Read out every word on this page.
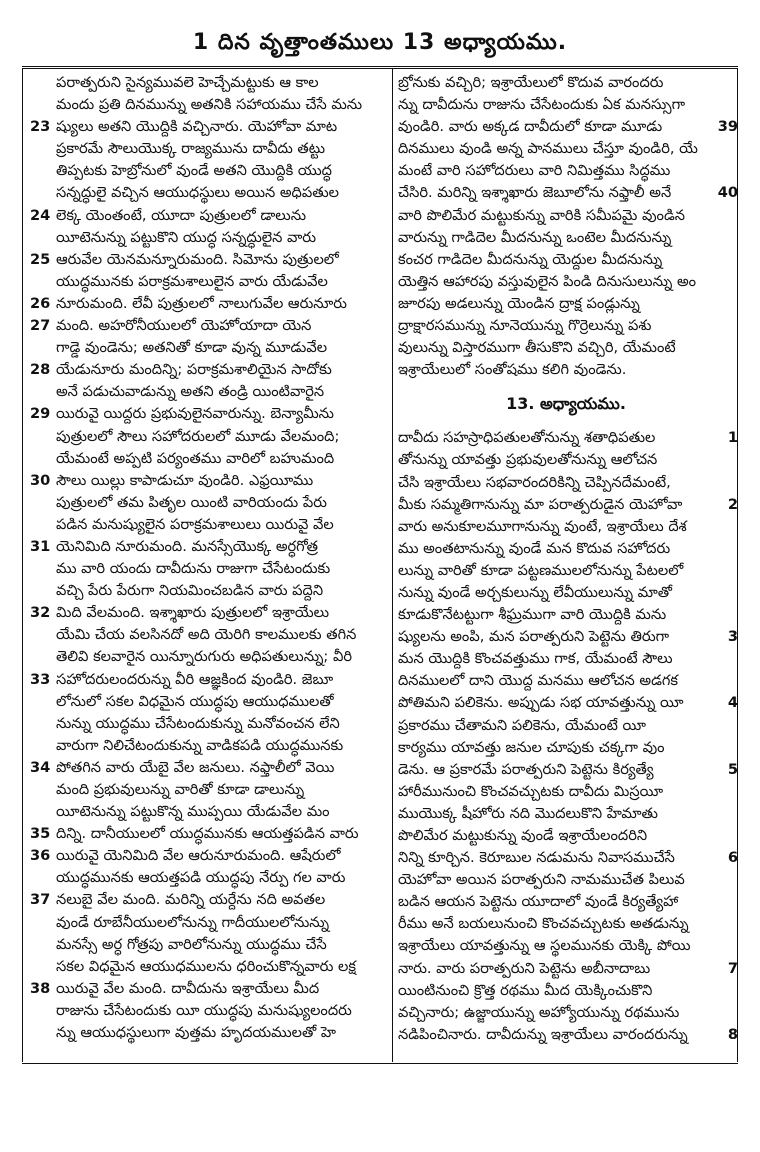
1 దిన వృత్తాంతములు 13 అధ్యాయము.
పరాత్పరుని సైన్యమువలె హెచ్చేమట్టుకు ఆ కాల
మందు ప్రతి దినమున్ను అతనికి సహాయము చేసే మను
23 ష్యులు అతని యొద్దికి వచ్చినారు. యెహోవా మాట
ప్రకారమే సౌలుయొక్క రాజ్యమును దావీదు తట్టు
తిప్పటకు హెబ్రోనులో వుండే అతని యొద్దికి యుద్ధ
సన్నద్ధులై వచ్చిన ఆయుధస్థులు అయిన అధిపతుల
24 లెక్క యెంతంటే, యూదా పుత్రులలో డాలును
యీటెనున్ను పట్టుకొని యుద్ధ సన్నద్ధులైన వారు
25 ఆరువేల యెనమన్నూరుమంది. సిమోను పుత్రులలో
యుద్ధమునకు పరాక్రమశాలులైన వారు యేడువేల
26 నూరుమంది. లేవీ పుత్రులలో నాలుగువేల ఆరునూరు
27 మంది. అహరోనీయులలో యెహోయాదా యెన
గాడ్డె వుండెను; అతనితో కూడా వున్న మూడువేల
28 యేడునూరు మందిన్ని; పరాక్రమశాలియైన సాదోకు
అనే పడుచువాడున్ను అతని తండ్రి యింటివారైన
29 యిరువై యిద్దరు ప్రభువులైనవారున్ను. బెన్యామీను
పుత్రులలో సౌలు సహోదరులలో మూడు వేలమంది;
యేమంటే అప్పటి పర్యంతము వారిలో బహుమంది
30 సౌలు యిల్లు కాపాడుచూ వుండిరి. ఎఫ్రయీము
పుత్రులలో తమ పితృల యింటి వారియందు పేరు
పడిన మనుష్యులైన పరాక్రమశాలులు యిరువై వేల
31 యెనిమిది నూరుమంది. మనస్సేయొక్క అర్ధగోత్ర
ము వారి యందు దావీదును రాజుగా చేసేటందుకు
వచ్చి పేరు పేరుగా నియమించబడిన వారు పద్దెని
32 మిది వేలమంది. ఇశ్శాఖారు పుత్రులలో ఇశ్రాయేలు
యేమి చేయ వలసినదో అది యెరిగి కాలములకు తగిన
తెలివి కలవారైన యిన్నూరుగురు అధిపతులున్ను; వీరి
33 సహోదరులందరున్ను వీరి ఆజ్ఞకింద వుండిరి. జెబూ
లోనులో సకల విధమైన యుద్ధపు ఆయుధములతో
నున్ను యుద్ధము చేసేటందుకున్ను మనోవంచన లేని
వారుగా నిలిచేటందుకున్ను వాడికపడి యుద్ధమునకు
34 పోతగిన వారు యేబై వేల జనులు. నఫ్తాలీలో వెయి
మంది ప్రభువులున్ను వారితో కూడా డాలున్ను
యీటెనున్ను పట్టుకొన్న ముప్పయి యేడువేల మం
35 దిన్ని. దానీయులలో యుద్ధమునకు ఆయత్తపడిన వారు
36 యిరువై యెనిమిది వేల ఆరునూరుమంది. ఆషేరులో
యుద్ధమునకు ఆయత్తపడి యుద్ధపు నేర్పు గల వారు
37 నలుబై వేల మంది. మరిన్ని యర్దేను నది అవతల
వుండే రూబేనీయులలోనున్ను గాదీయులలోనున్ను
మనస్సే అర్ధ గోత్రపు వారిలోనున్ను యుద్ధము చేసే
సకల విధమైన ఆయుధములను ధరించుకొన్నవారు లక్ష
38 యిరువై వేల మంది. దావీదును ఇశ్రాయేలు మీద
రాజును చేసేటందుకు యీ యుద్ధపు మనుష్యులందరు
న్ను ఆయుధస్థులుగా వుత్తమ హృదయములతో హె
బ్రోనుకు వచ్చిరి; ఇశ్రాయేలులో కొదువ వారందరు
న్ను దావీదును రాజును చేసేటందుకు ఏక మనస్సుగా
39
వుండిరి. వారు అక్కడ దావీదులో కూడా మూడు
దినములు వుండి అన్న పానములు చేస్తూ వుండిరి, యే
మంటే వారి సహోదరులు వారి నిమిత్తము సిద్ధము
40
చేసిరి. మరిన్ని ఇశ్శాఖారు జెబూలోను నఫ్తాలీ అనే
వారి పొలిమేర మట్టుకున్ను వారికి సమీపమై వుండిన
వారున్ను గాడిదెల మీదనున్ను ఒంటెల మీదనున్ను
కంచర గాడిదెల మీదనున్ను యెద్దుల మీదనున్ను
యెత్తిన ఆహారపు వస్తువులైన పిండి దినుసులున్ను అం
జూరపు అడలున్ను యెండిన ద్రాక్ష పండ్లున్ను
ద్రాక్షారసమున్ను నూనెయున్ను గొర్రెలున్ను పశు
వులున్ను విస్తారముగా తీసుకొని వచ్చిరి, యేమంటే
ఇశ్రాయేలులో సంతోషము కలిగి వుండెను.
13. అధ్యాయము.
1
దావీదు సహస్రాధిపతులతోనున్ను శతాధిపతుల
తోనున్ను యావత్తు ప్రభువులతోనున్ను ఆలోచన
చేసి ఇశ్రాయేలు సభవారందరికిన్ని చెప్పినదేమంటే,
2
మీకు సమ్మతిగానున్ను మా పరాత్పరుడైన యెహోవా
వారు అనుకూలమూగానున్ను వుంటే, ఇశ్రాయేలు దేశ
ము అంతటానున్ను వుండే మన కొదువ సహోదరు
లున్ను వారితో కూడా పట్టణములలోనున్ను పేటలలో
నున్ను వుండే అర్చకులున్ను లేవీయులున్ను మాతో
కూడుకొనేటట్టుగా శీఘ్రముగా వారి యొద్దికి మను
3
ష్యులను అంపి, మన పరాత్పరుని పెట్టెను తిరుగా
మన యొద్దికి కొంచవత్తుము గాక, యేమంటే సౌలు
దినములలో దాని యొద్ద మనము ఆలోచన అడగక
4
పోతిమని పలికెను. అప్పుడు సభ యావత్తున్ను యీ
ప్రకారము చేతామని పలికెను, యేమంటే యీ
కార్యము యావత్తు జనుల చూపుకు చక్కగా వుం
5
డెను. ఆ ప్రకారమే పరాత్పరుని పెట్టెను కిర్యత్యే
హారీమునుంచి కొంచవచ్చుటకు దావీదు మిస్రయీ
ముయొక్క షీహోరు నది మొదలుకొని హేమాతు
పొలిమేర మట్టుకున్ను వుండే ఇశ్రాయేలందరిని
6
నిన్ని కూర్చిన. కెరూబుల నడుమను నివాసముచేసే
యెహోవా అయిన పరాత్పరుని నామముచేత పిలువ
బడిన ఆయన పెట్టెను యూదాలో వుండే కిర్యత్యేహా
రీము అనే బయలునుంచి కొంచవచ్చుటకు అతడున్ను
ఇశ్రాయేలు యావత్తున్ను ఆ స్థలమునకు యెక్కి పోయి
7
నారు. వారు పరాత్పరుని పెట్టెను అబీనాదాబు
యింటినుంచి క్రొత్త రథము మీద యెక్కించుకొని
వచ్చినారు; ఉజ్జాయున్ను అహ్యోయున్ను రథమును
8
నడిపించినారు. దావీదున్ను ఇశ్రాయేలు వారందరున్ను
